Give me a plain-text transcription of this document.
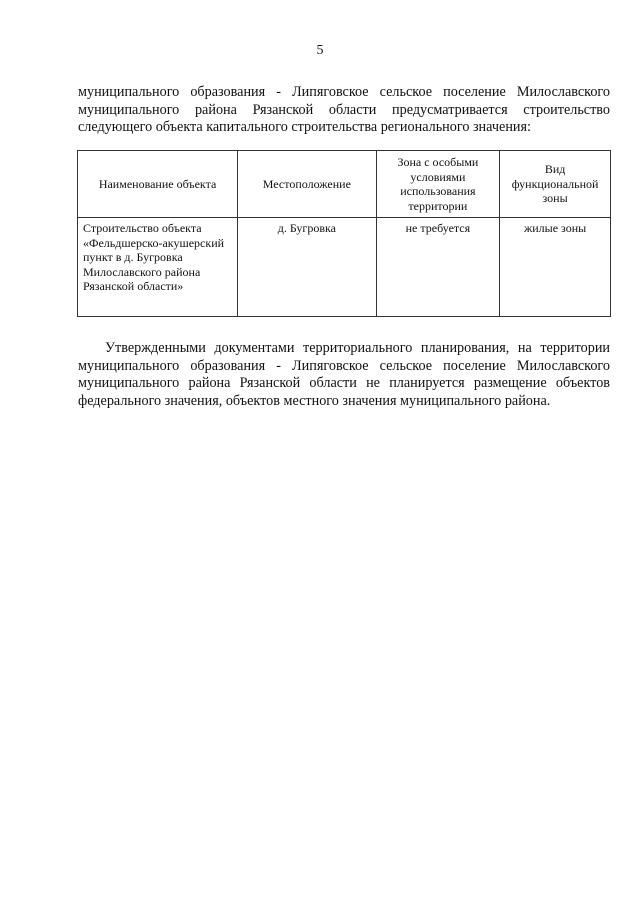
5

муниципального образования - Липяговское сельское поселение Милославского муниципального района Рязанской области предусматривается строительство следующего объекта капитального строительства регионального значения:

Наименование объекта	Местоположение	Зона с особыми условиями использования территории	Вид функциональной зоны
Строительство объекта «Фельдшерско-акушерский пункт в д. Бугровка Милославского района Рязанской области»	д. Бугровка	не требуется	жилые зоны

Утвержденными документами территориального планирования, на территории муниципального образования - Липяговское сельское поселение Милославского муниципального района Рязанской области не планируется размещение объектов федерального значения, объектов местного значения муниципального района.
